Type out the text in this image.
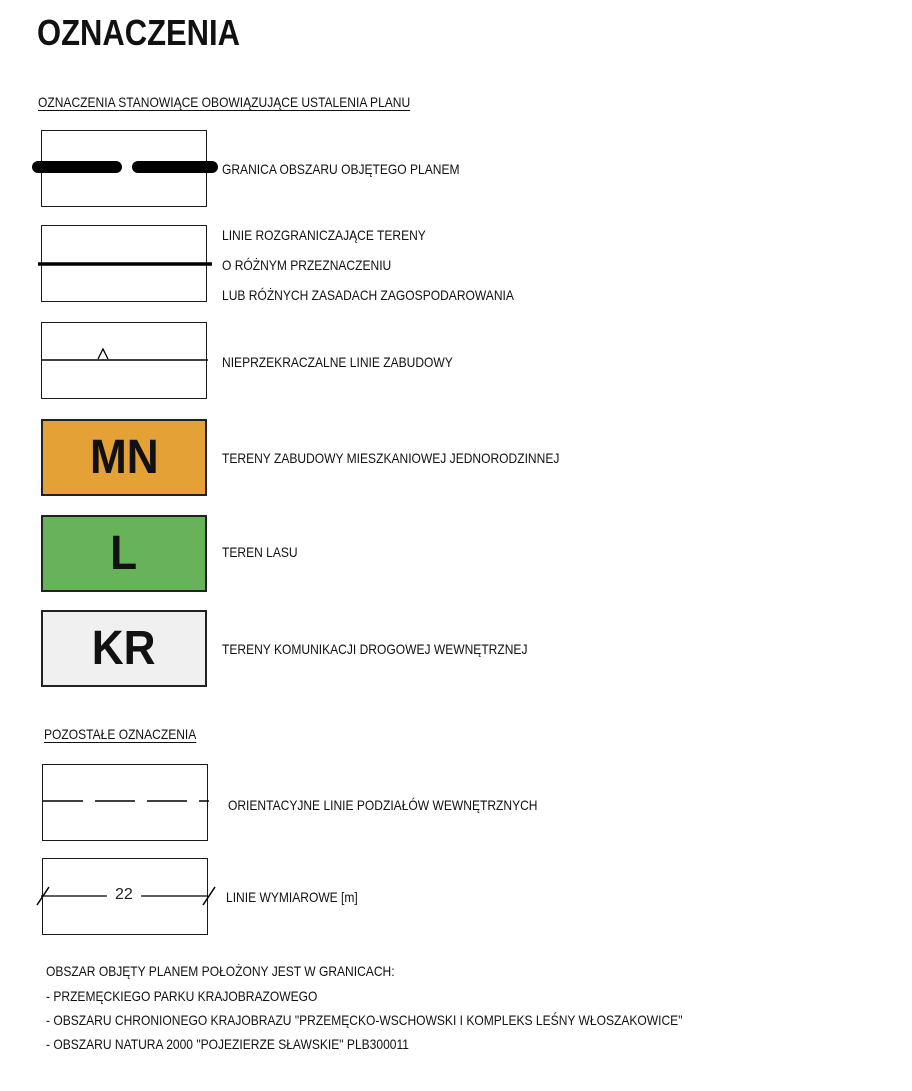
OZNACZENIA
OZNACZENIA STANOWIĄCE OBOWIĄZUJĄCE USTALENIA PLANU
GRANICA OBSZARU OBJĘTEGO PLANEM
LINIE ROZGRANICZAJĄCE TERENY
O RÓŻNYM PRZEZNACZENIU
LUB RÓŻNYCH ZASADACH ZAGOSPODAROWANIA
NIEPRZEKRACZALNE LINIE ZABUDOWY
MN	TERENY ZABUDOWY MIESZKANIOWEJ JEDNORODZINNEJ
L	TEREN LASU
KR	TERENY KOMUNIKACJI DROGOWEJ WEWNĘTRZNEJ
POZOSTAŁE OZNACZENIA
ORIENTACYJNE LINIE PODZIAŁÓW WEWNĘTRZNYCH
22	LINIE WYMIAROWE [m]
OBSZAR OBJĘTY PLANEM POŁOŻONY JEST W GRANICACH:
- PRZEMĘCKIEGO PARKU KRAJOBRAZOWEGO
- OBSZARU CHRONIONEGO KRAJOBRAZU "PRZEMĘCKO-WSCHOWSKI I KOMPLEKS LEŚNY WŁOSZAKOWICE"
- OBSZARU NATURA 2000 "POJEZIERZE SŁAWSKIE" PLB300011
